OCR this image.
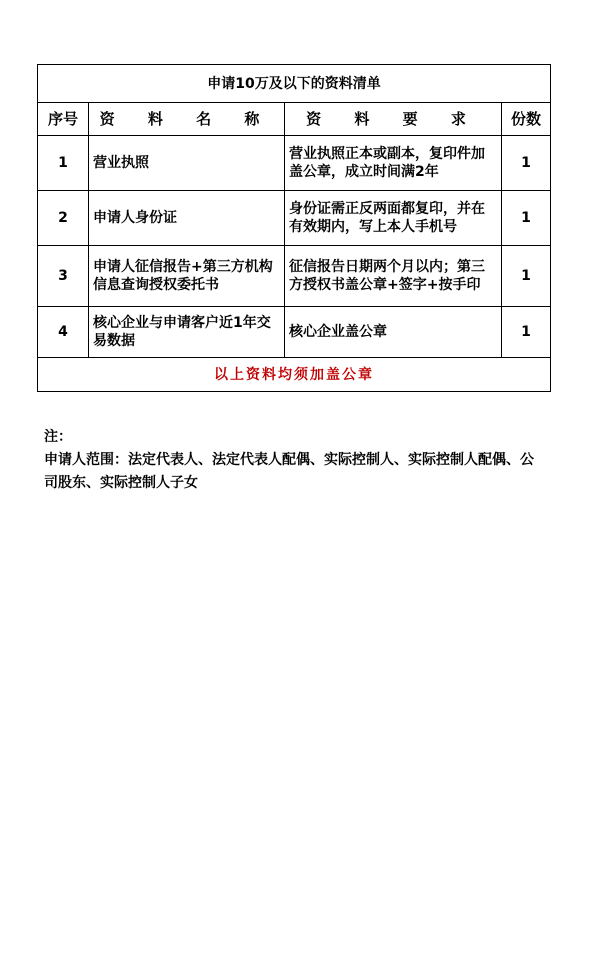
申请10万及以下的资料清单			
序号	资 料 名 称	资 料 要 求	份数
1	营业执照	营业执照正本或副本，复印件加盖公章，成立时间满2年	1
2	申请人身份证	身份证需正反两面都复印，并在有效期内，写上本人手机号	1
3	申请人征信报告+第三方机构信息查询授权委托书	征信报告日期两个月以内；第三方授权书盖公章+签字+按手印	1
4	核心企业与申请客户近1年交易数据	核心企业盖公章	1
以上资料均须加盖公章			
注：
申请人范围：法定代表人、法定代表人配偶、实际控制人、实际控制人配偶、公司股东、实际控制人子女
